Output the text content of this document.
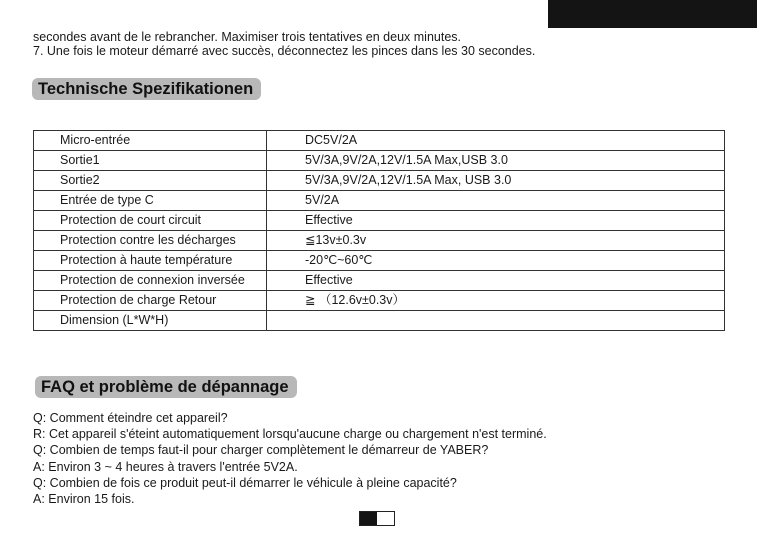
secondes avant de le rebrancher. Maximiser trois tentatives en deux minutes.
7. Une fois le moteur démarré avec succès, déconnectez les pinces dans les 30 secondes.
Technische Spezifikationen
Micro-entrée	DC5V/2A
Sortie1	5V/3A,9V/2A,12V/1.5A Max,USB 3.0
Sortie2	5V/3A,9V/2A,12V/1.5A Max, USB 3.0
Entrée de type C	5V/2A
Protection de court circuit	Effective
Protection contre les décharges	≦13v±0.3v
Protection à haute température	-20℃~60℃
Protection de connexion inversée	Effective
Protection de charge Retour	≧ （12.6v±0.3v）
Dimension (L*W*H)	
FAQ et problème de dépannage
Q: Comment éteindre cet appareil?
R: Cet appareil s'éteint automatiquement lorsqu'aucune charge ou chargement n'est terminé.
Q: Combien de temps faut-il pour charger complètement le démarreur de YABER?
A: Environ 3 ~ 4 heures à travers l'entrée 5V2A.
Q: Combien de fois ce produit peut-il démarrer le véhicule à pleine capacité?
A: Environ 15 fois.
